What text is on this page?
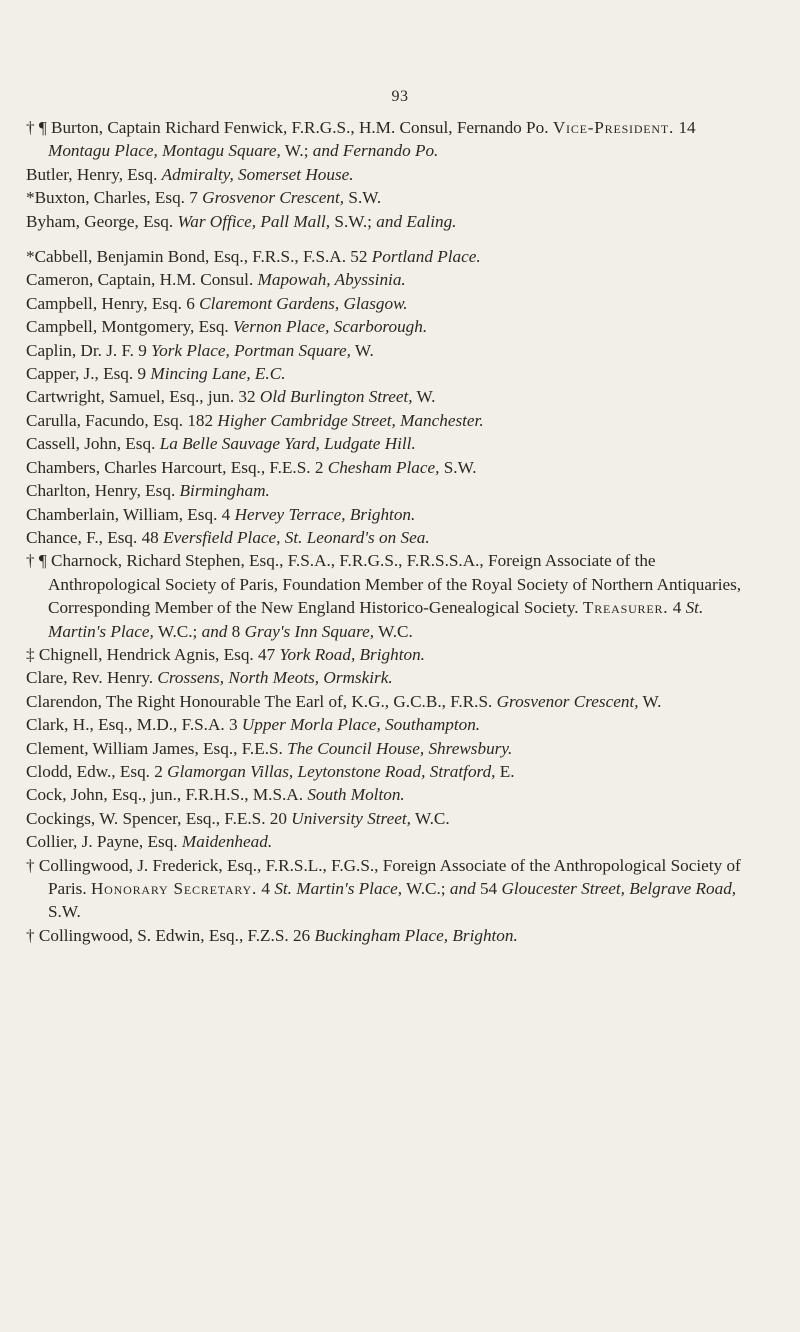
93
† ¶ Burton, Captain Richard Fenwick, F.R.G.S., H.M. Consul, Fernando Po. Vice-President. 14 Montagu Place, Montagu Square, W.; and Fernando Po.
Butler, Henry, Esq. Admiralty, Somerset House.
*Buxton, Charles, Esq. 7 Grosvenor Crescent, S.W.
Byham, George, Esq. War Office, Pall Mall, S.W.; and Ealing.
*Cabbell, Benjamin Bond, Esq., F.R.S., F.S.A. 52 Portland Place.
Cameron, Captain, H.M. Consul. Mapowah, Abyssinia.
Campbell, Henry, Esq. 6 Claremont Gardens, Glasgow.
Campbell, Montgomery, Esq. Vernon Place, Scarborough.
Caplin, Dr. J. F. 9 York Place, Portman Square, W.
Capper, J., Esq. 9 Mincing Lane, E.C.
Cartwright, Samuel, Esq., jun. 32 Old Burlington Street, W.
Carulla, Facundo, Esq. 182 Higher Cambridge Street, Manchester.
Cassell, John, Esq. La Belle Sauvage Yard, Ludgate Hill.
Chambers, Charles Harcourt, Esq., F.E.S. 2 Chesham Place, S.W.
Charlton, Henry, Esq. Birmingham.
Chamberlain, William, Esq. 4 Hervey Terrace, Brighton.
Chance, F., Esq. 48 Eversfield Place, St. Leonard's on Sea.
† ¶ Charnock, Richard Stephen, Esq., F.S.A., F.R.G.S., F.R.S.S.A., Foreign Associate of the Anthropological Society of Paris, Foundation Member of the Royal Society of Northern Antiquaries, Corresponding Member of the New England Historico-Genealogical Society. Treasurer. 4 St. Martin's Place, W.C.; and 8 Gray's Inn Square, W.C.
‡ Chignell, Hendrick Agnis, Esq. 47 York Road, Brighton.
Clare, Rev. Henry. Crossens, North Meots, Ormskirk.
Clarendon, The Right Honourable The Earl of, K.G., G.C.B., F.R.S. Grosvenor Crescent, W.
Clark, H., Esq., M.D., F.S.A. 3 Upper Morla Place, Southampton.
Clement, William James, Esq., F.E.S. The Council House, Shrewsbury.
Clodd, Edw., Esq. 2 Glamorgan Villas, Leytonstone Road, Stratford, E.
Cock, John, Esq., jun., F.R.H.S., M.S.A. South Molton.
Cockings, W. Spencer, Esq., F.E.S. 20 University Street, W.C.
Collier, J. Payne, Esq. Maidenhead.
† Collingwood, J. Frederick, Esq., F.R.S.L., F.G.S., Foreign Associate of the Anthropological Society of Paris. Honorary Secretary. 4 St. Martin's Place, W.C.; and 54 Gloucester Street, Belgrave Road, S.W.
† Collingwood, S. Edwin, Esq., F.Z.S. 26 Buckingham Place, Brighton.
